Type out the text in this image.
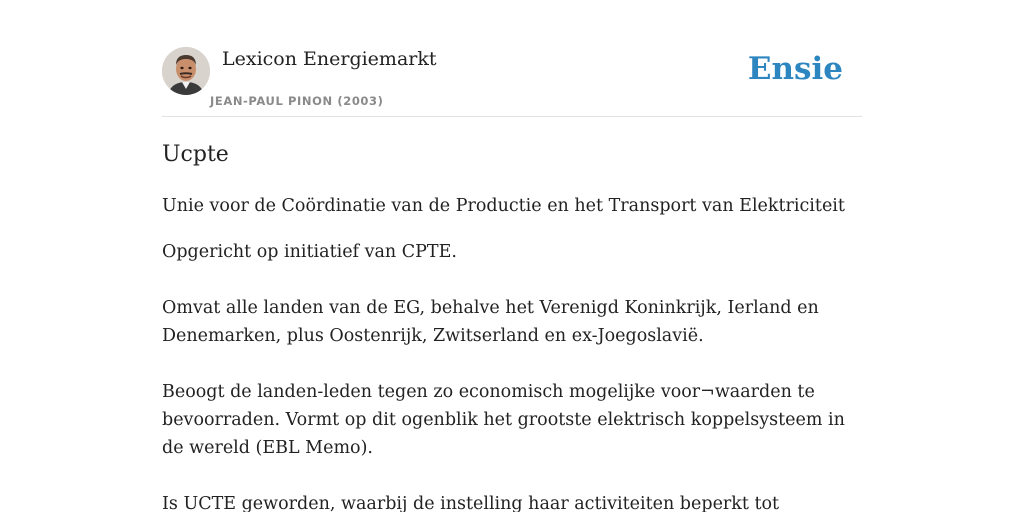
Lexicon Energiemarkt
JEAN-PAUL PINON (2003)
Ensie
Ucpte

Unie voor de Coördinatie van de Productie en het Transport van Elektriciteit

Opgericht op initiatief van CPTE.

Omvat alle landen van de EG, behalve het Verenigd Koninkrijk, Ierland en Denemarken, plus Oostenrijk, Zwitserland en ex-Joegoslavië.

Beoogt de landen-leden tegen zo economisch mogelijke voor¬waarden te bevoorraden. Vormt op dit ogenblik het grootste elektrisch koppelsysteem in de wereld (EBL Memo).

Is UCTE geworden, waarbij de instelling haar activiteiten beperkt tot
